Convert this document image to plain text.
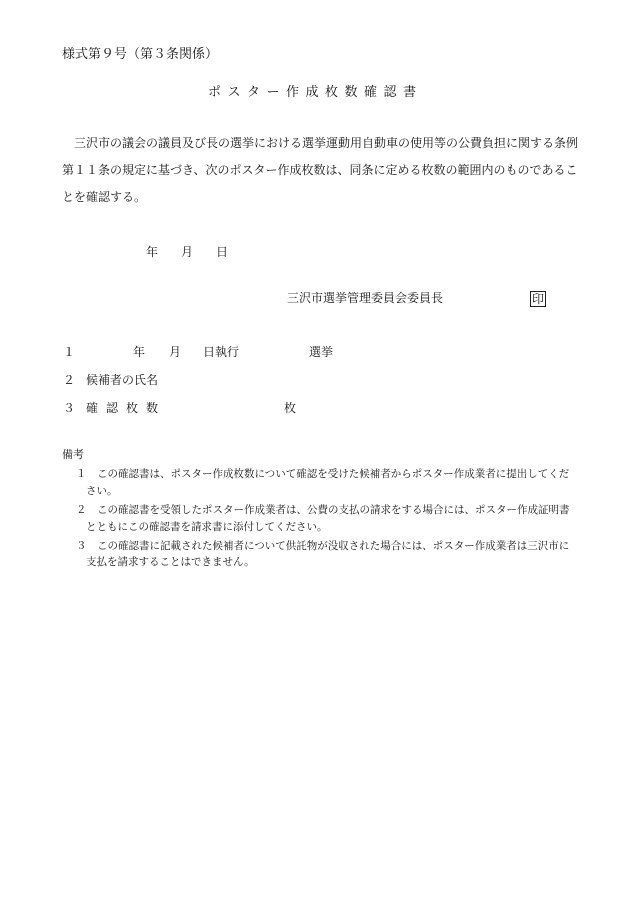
様式第９号（第３条関係）
ポスター作成枚数確認書
　三沢市の議会の議員及び長の選挙における選挙運動用自動車の使用等の公費負担に関する条例
第１１条の規定に基づき、次のポスター作成枚数は、同条に定める枚数の範囲内のものであるこ
とを確認する。
年 月 日
三沢市選挙管理委員会委員長	印
１	年 月 日執行	選挙
２ 候補者の氏名
３ 確認枚数	枚
備考
１ この確認書は、ポスター作成枚数について確認を受けた候補者からポスター作成業者に提出してくだ
さい。
２ この確認書を受領したポスター作成業者は、公費の支払の請求をする場合には、ポスター作成証明書
とともにこの確認書を請求書に添付してください。
３ この確認書に記載された候補者について供託物が没収された場合には、ポスター作成業者は三沢市に
支払を請求することはできません。
